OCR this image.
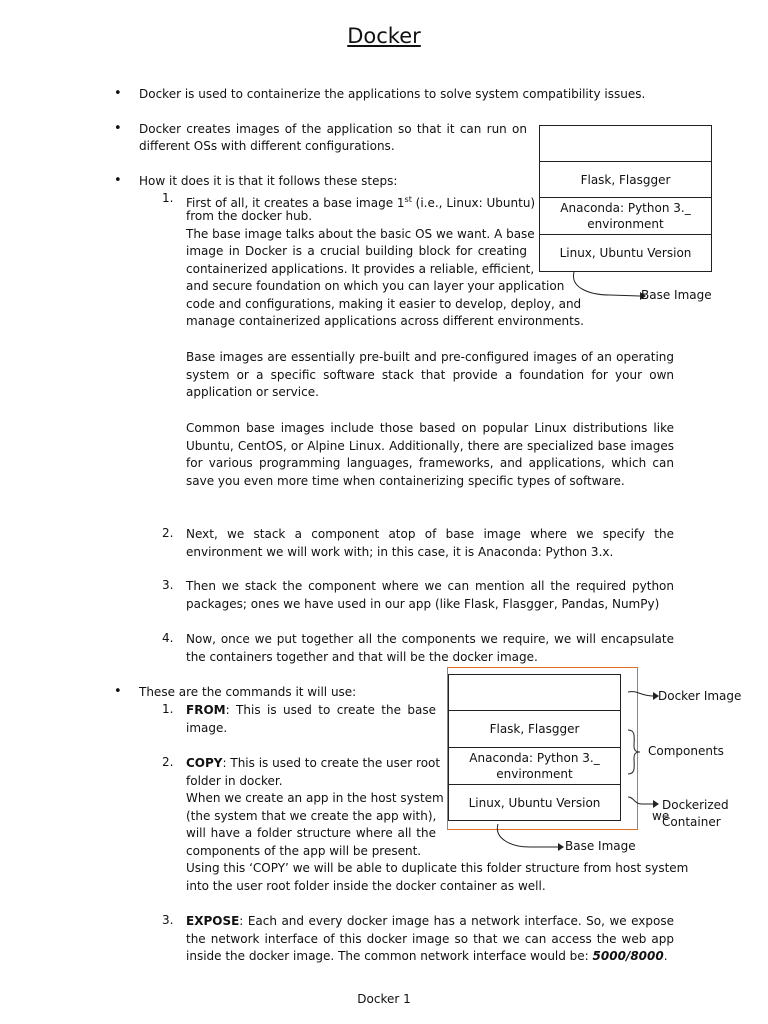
Docker
• Docker is used to containerize the applications to solve system compatibility issues.
• Docker creates images of the application so that it can run on
different OSs with different configurations.
• How it does it is that it follows these steps:
1. First of all, it creates a base image 1st (i.e., Linux: Ubuntu)
from the docker hub.
The base image talks about the basic OS we want. A base
image in Docker is a crucial building block for creating
containerized applications. It provides a reliable, efficient,
and secure foundation on which you can layer your application
code and configurations, making it easier to develop, deploy, and
manage containerized applications across different environments.
Base images are essentially pre-built and pre-configured images of an operating system or a specific software stack that provide a foundation for your own application or service.
Common base images include those based on popular Linux distributions like Ubuntu, CentOS, or Alpine Linux. Additionally, there are specialized base images for various programming languages, frameworks, and applications, which can save you even more time when containerizing specific types of software.
2. Next, we stack a component atop of base image where we specify the environment we will work with; in this case, it is Anaconda: Python 3.x.
3. Then we stack the component where we can mention all the required python packages; ones we have used in our app (like Flask, Flasgger, Pandas, NumPy)
4. Now, once we put together all the components we require, we will encapsulate the containers together and that will be the docker image.
• These are the commands it will use:
1. FROM: This is used to create the base
image.
2. COPY: This is used to create the user root
folder in docker.
When we create an app in the host system
(the system that we create the app with),
will have a folder structure where all the
components of the app will be present.
Using this ‘COPY’ we will be able to duplicate this folder structure from host system
into the user root folder inside the docker container as well.
3. EXPOSE: Each and every docker image has a network interface. So, we expose the network interface of this docker image so that we can access the web app inside the docker image. The common network interface would be: 5000/8000.
Flask, Flasgger
Anaconda: Python 3._ environment
Linux, Ubuntu Version
Base Image
Flask, Flasgger
Anaconda: Python 3._ environment
Linux, Ubuntu Version
Docker Image
Components
Dockerized
we
Container
Base Image
Docker 1
